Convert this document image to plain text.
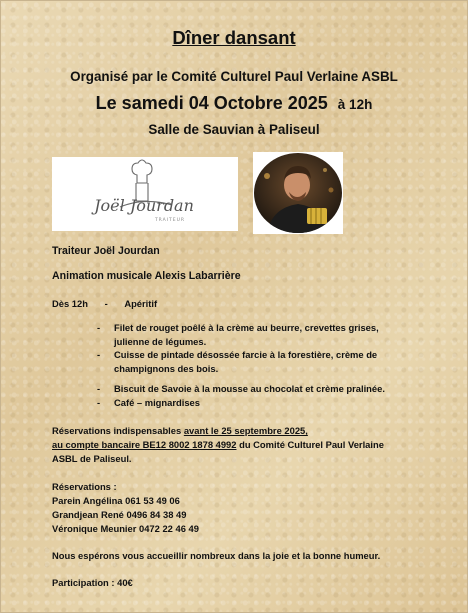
Dîner dansant
Organisé par le Comité Culturel Paul Verlaine ASBL
Le samedi 04 Octobre 2025 à 12h
Salle de Sauvian à Paliseul
Joël Jourdan
TRAITEUR
Traiteur Joël Jourdan
Animation musicale Alexis Labarrière
Dès 12h - Apéritif
- Filet de rouget poêlé à la crème au beurre, crevettes grises,
julienne de légumes.
- Cuisse de pintade désossée farcie à la forestière, crème de
champignons des bois.
- Biscuit de Savoie à la mousse au chocolat et crème pralinée.
- Café – mignardises
Réservations indispensables avant le 25 septembre 2025,
au compte bancaire BE12 8002 1878 4992 du Comité Culturel Paul Verlaine
ASBL de Paliseul.
Réservations :
Parein Angélina 061 53 49 06
Grandjean René 0496 84 38 49
Véronique Meunier 0472 22 46 49
Nous espérons vous accueillir nombreux dans la joie et la bonne humeur.
Participation : 40€
